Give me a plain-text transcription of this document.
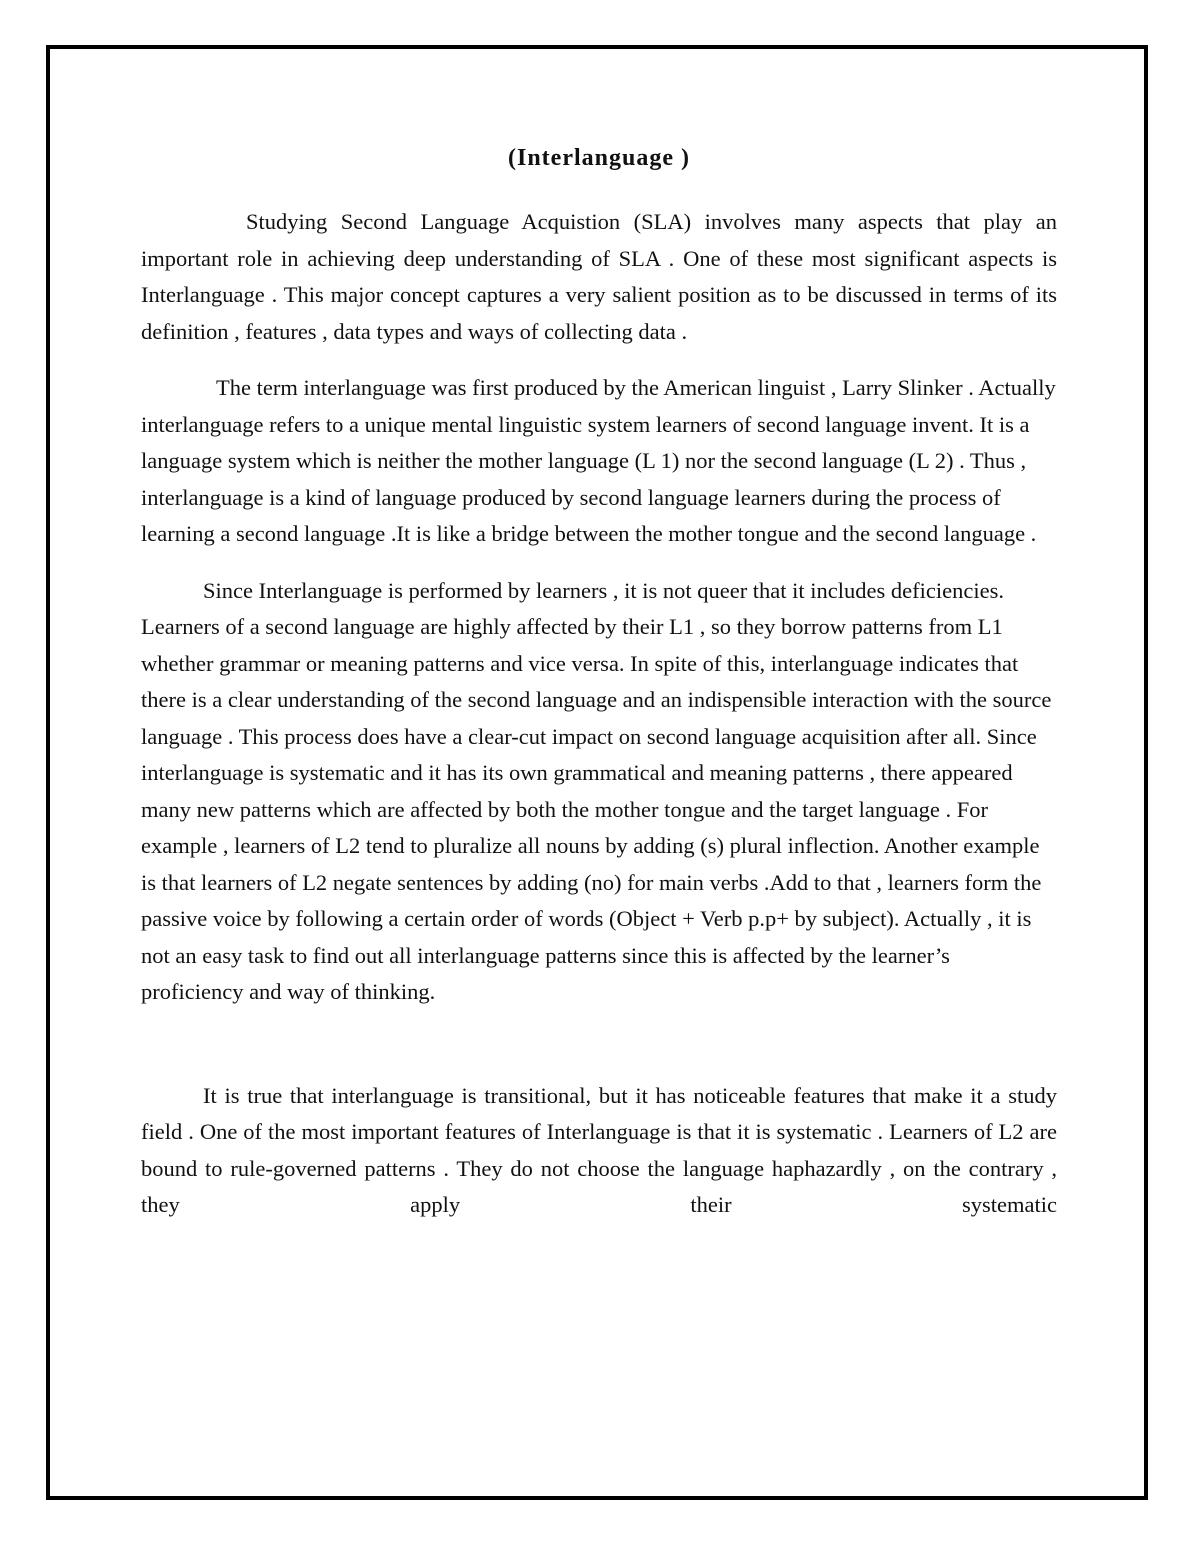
(Interlanguage )

Studying Second Language Acquistion (SLA) involves many aspects that play an important role in achieving deep understanding of SLA . One of these most significant aspects is Interlanguage . This major concept captures a very salient position as to be discussed in terms of its definition , features , data types and ways of collecting data .

The term interlanguage was first produced by the American linguist , Larry Slinker . Actually interlanguage refers to a unique mental linguistic system learners of second language invent. It is a language system which is neither the mother language (L 1) nor the second language (L 2) . Thus , interlanguage is a kind of language produced by second language learners during the process of learning a second language .It is like a bridge between the mother tongue and the second language .

Since Interlanguage is performed by learners , it is not queer that it includes deficiencies. Learners of a second language are highly affected by their L1 , so they borrow patterns from L1 whether grammar or meaning patterns and vice versa. In spite of this, interlanguage indicates that there is a clear understanding of the second language and an indispensible interaction with the source language . This process does have a clear-cut impact on second language acquisition after all. Since interlanguage is systematic and it has its own grammatical and meaning patterns , there appeared many new patterns which are affected by both the mother tongue and the target language . For example , learners of L2 tend to pluralize all nouns by adding (s) plural inflection. Another example is that learners of L2 negate sentences by adding (no) for main verbs .Add to that , learners form the passive voice by following a certain order of words (Object + Verb p.p+ by subject). Actually , it is not an easy task to find out all interlanguage patterns since this is affected by the learner’s proficiency and way of thinking.

It is true that interlanguage is transitional, but it has noticeable features that make it a study field . One of the most important features of Interlanguage is that it is systematic . Learners of L2 are bound to rule-governed patterns . They do not choose the language haphazardly , on the contrary , they apply their systematic
